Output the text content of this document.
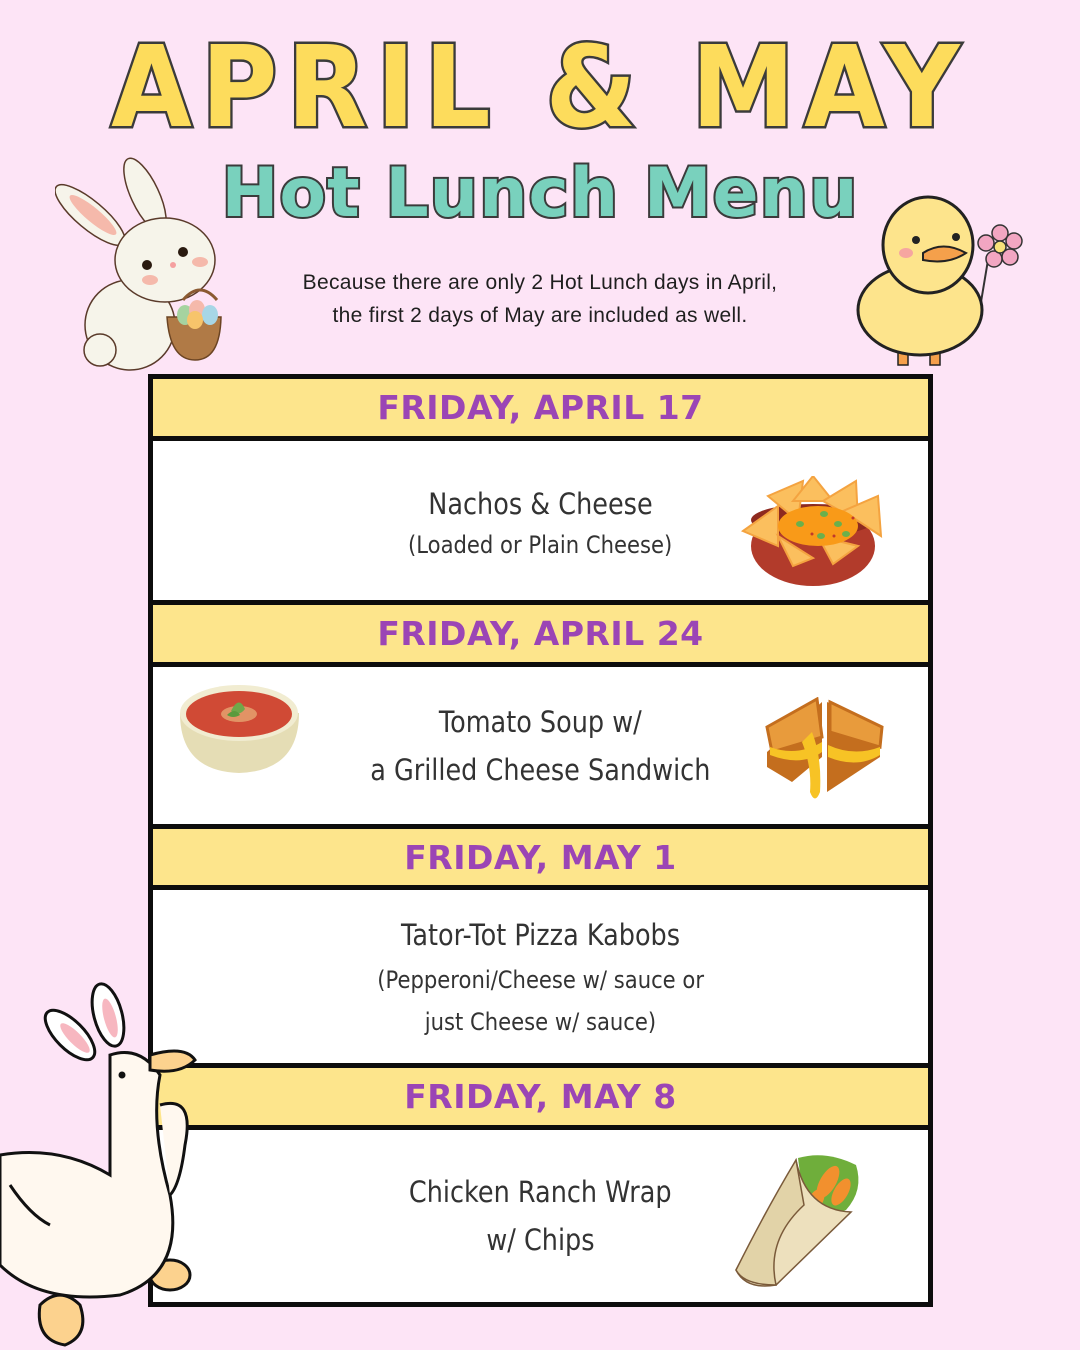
APRIL & MAY
Hot Lunch Menu
Because there are only 2 Hot Lunch days in April,
the first 2 days of May are included as well.
FRIDAY, APRIL 17
Nachos & Cheese
(Loaded or Plain Cheese)
FRIDAY, APRIL 24
Tomato Soup w/
a Grilled Cheese Sandwich
FRIDAY, MAY 1
Tator-Tot Pizza Kabobs
(Pepperoni/Cheese w/ sauce or
just Cheese w/ sauce)
FRIDAY, MAY 8
Chicken Ranch Wrap
w/ Chips
